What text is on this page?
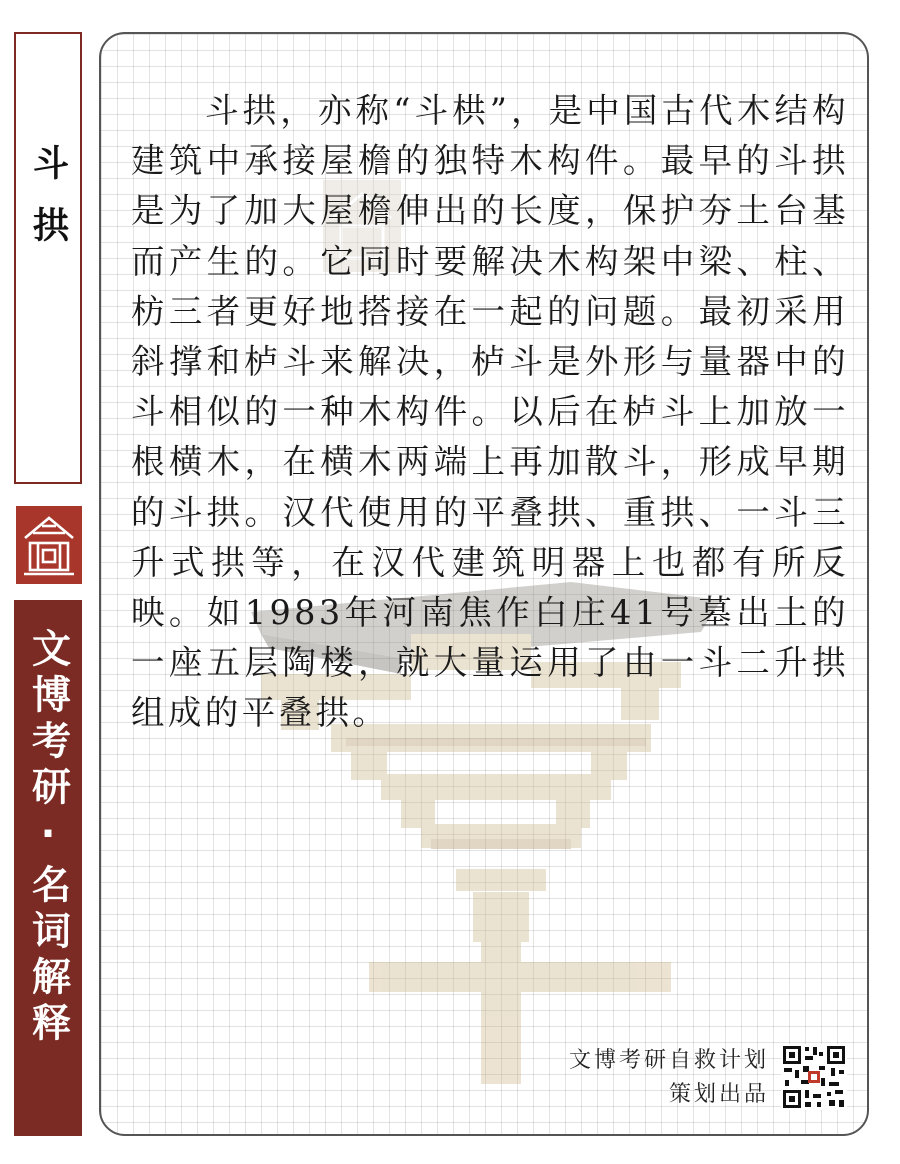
斗拱
文博考研·名词解释

斗拱，亦称“斗栱”，是中国古代木结构建筑中承接屋檐的独特木构件。最早的斗拱是为了加大屋檐伸出的长度，保护夯土台基而产生的。它同时要解决木构架中梁、柱、枋三者更好地搭接在一起的问题。最初采用斜撑和栌斗来解决，栌斗是外形与量器中的斗相似的一种木构件。以后在栌斗上加放一根横木，在横木两端上再加散斗，形成早期的斗拱。汉代使用的平叠拱、重拱、一斗三升式拱等，在汉代建筑明器上也都有所反映。如1983年河南焦作白庄41号墓出土的一座五层陶楼，就大量运用了由一斗二升拱组成的平叠拱。

文博考研自救计划
策划出品
